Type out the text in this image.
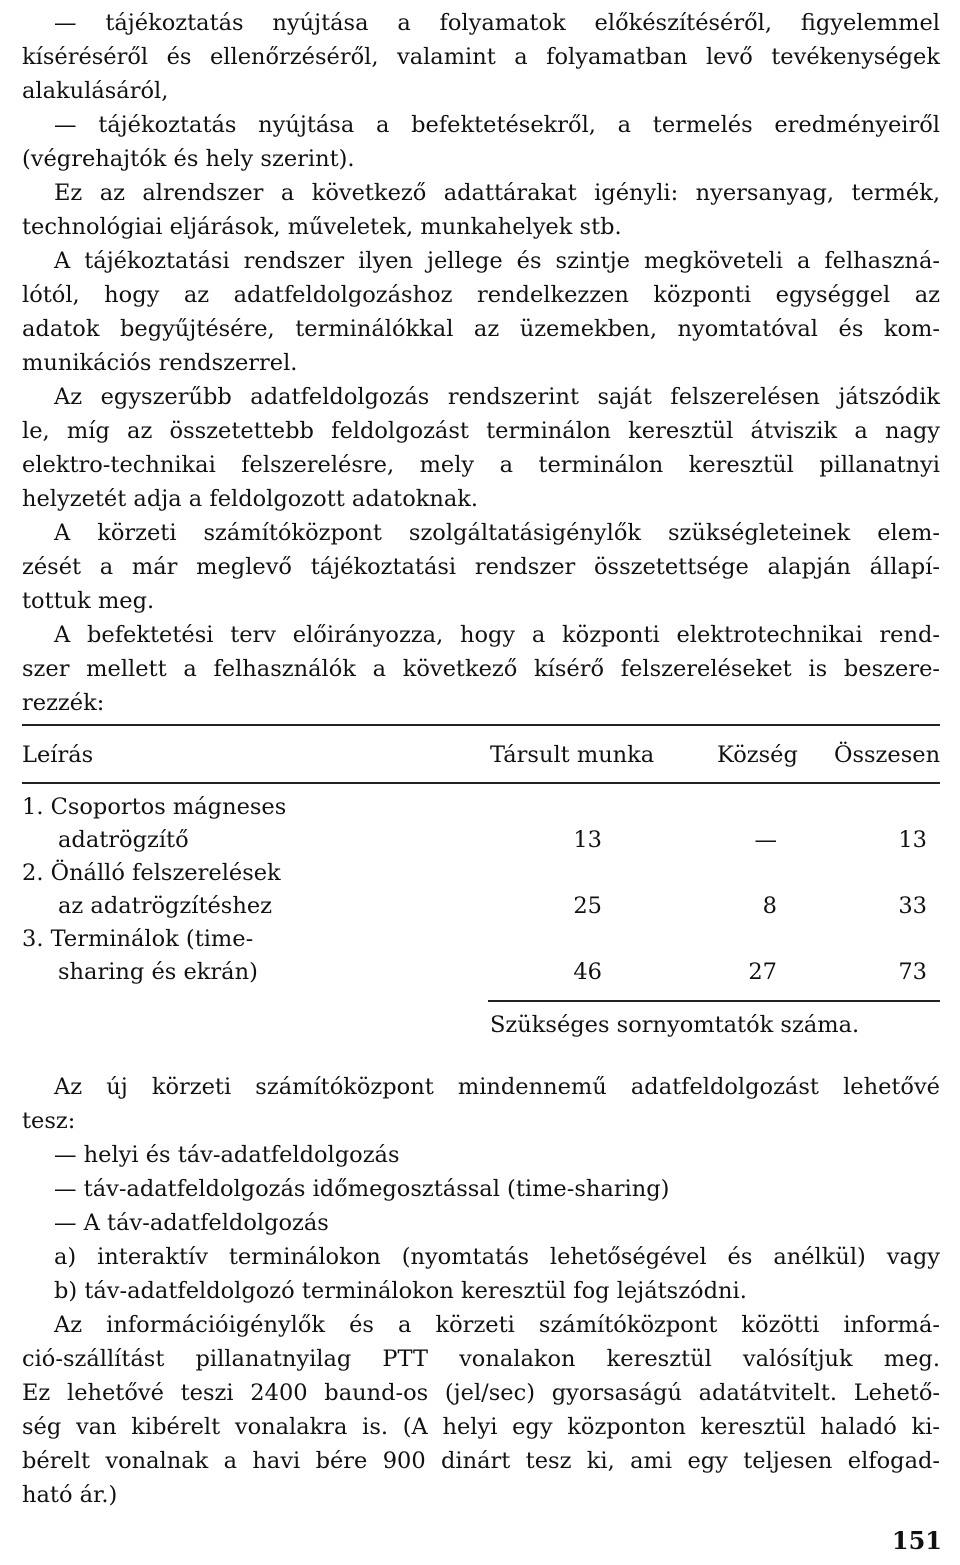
— tájékoztatás nyújtása a folyamatok előkészítéséről, figyelemmel
kíséréséről és ellenőrzéséről, valamint a folyamatban levő tevékenységek
alakulásáról,
— tájékoztatás nyújtása a befektetésekről, a termelés eredményeiről
(végrehajtók és hely szerint).
Ez az alrendszer a következő adattárakat igényli: nyersanyag, termék,
technológiai eljárások, műveletek, munkahelyek stb.
A tájékoztatási rendszer ilyen jellege és szintje megköveteli a felhaszná-
lótól, hogy az adatfeldolgozáshoz rendelkezzen központi egységgel az
adatok begyűjtésére, terminálókkal az üzemekben, nyomtatóval és kom-
munikációs rendszerrel.
Az egyszerűbb adatfeldolgozás rendszerint saját felszerelésen játszódik
le, míg az összetettebb feldolgozást terminálon keresztül átviszik a nagy
elektro-technikai felszerelésre, mely a terminálon keresztül pillanatnyi
helyzetét adja a feldolgozott adatoknak.
A körzeti számítóközpont szolgáltatásigénylők szükségleteinek elem-
zését a már meglevő tájékoztatási rendszer összetettsége alapján állapí-
tottuk meg.
A befektetési terv előirányozza, hogy a központi elektrotechnikai rend-
szer mellett a felhasználók a következő kísérő felszereléseket is beszere-
rezzék:
Leírás	Társult munka	Község Összesen
1. Csoportos mágneses
adatrögzítő	13	—	13
2. Önálló felszerelések
az adatrögzítéshez	25	8	33
3. Terminálok (time-
sharing és ekrán)	46	27	73
Szükséges sornyomtatók száma.
Az új körzeti számítóközpont mindennemű adatfeldolgozást lehetővé
tesz:
— helyi és táv-adatfeldolgozás
— táv-adatfeldolgozás időmegosztással (time-sharing)
— A táv-adatfeldolgozás
a) interaktív terminálokon (nyomtatás lehetőségével és anélkül) vagy
b) táv-adatfeldolgozó terminálokon keresztül fog lejátszódni.
Az információigénylők és a körzeti számítóközpont közötti informá-
ció-szállítást pillanatnyilag PTT vonalakon keresztül valósítjuk meg.
Ez lehetővé teszi 2400 baund-os (jel/sec) gyorsaságú adatátvitelt. Lehető-
ség van kibérelt vonalakra is. (A helyi egy központon keresztül haladó ki-
bérelt vonalnak a havi bére 900 dinárt tesz ki, ami egy teljesen elfogad-
ható ár.)
151
